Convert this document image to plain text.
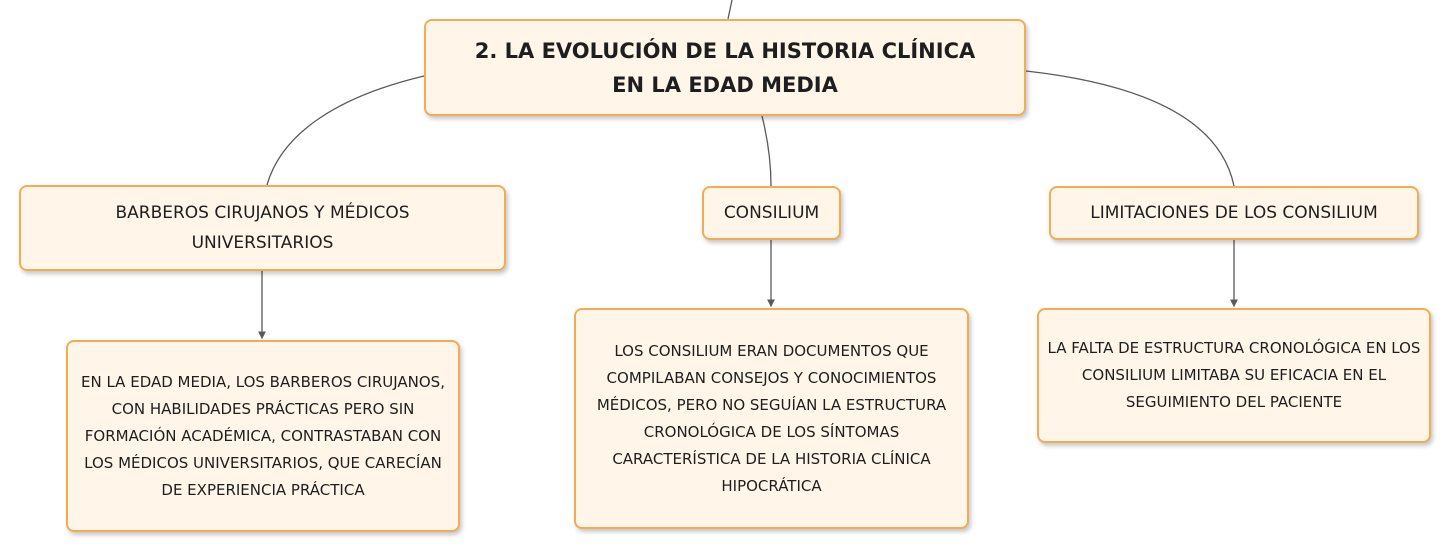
2. LA EVOLUCIÓN DE LA HISTORIA CLÍNICA EN LA EDAD MEDIA
BARBEROS CIRUJANOS Y MÉDICOS UNIVERSITARIOS
CONSILIUM	LIMITACIONES DE LOS CONSILIUM
EN LA EDAD MEDIA, LOS BARBEROS CIRUJANOS, CON HABILIDADES PRÁCTICAS PERO SIN FORMACIÓN ACADÉMICA, CONTRASTABAN CON LOS MÉDICOS UNIVERSITARIOS, QUE CARECÍAN DE EXPERIENCIA PRÁCTICA
LOS CONSILIUM ERAN DOCUMENTOS QUE COMPILABAN CONSEJOS Y CONOCIMIENTOS MÉDICOS, PERO NO SEGUÍAN LA ESTRUCTURA CRONOLÓGICA DE LOS SÍNTOMAS CARACTERÍSTICA DE LA HISTORIA CLÍNICA HIPOCRÁTICA
LA FALTA DE ESTRUCTURA CRONOLÓGICA EN LOS CONSILIUM LIMITABA SU EFICACIA EN EL SEGUIMIENTO DEL PACIENTE
